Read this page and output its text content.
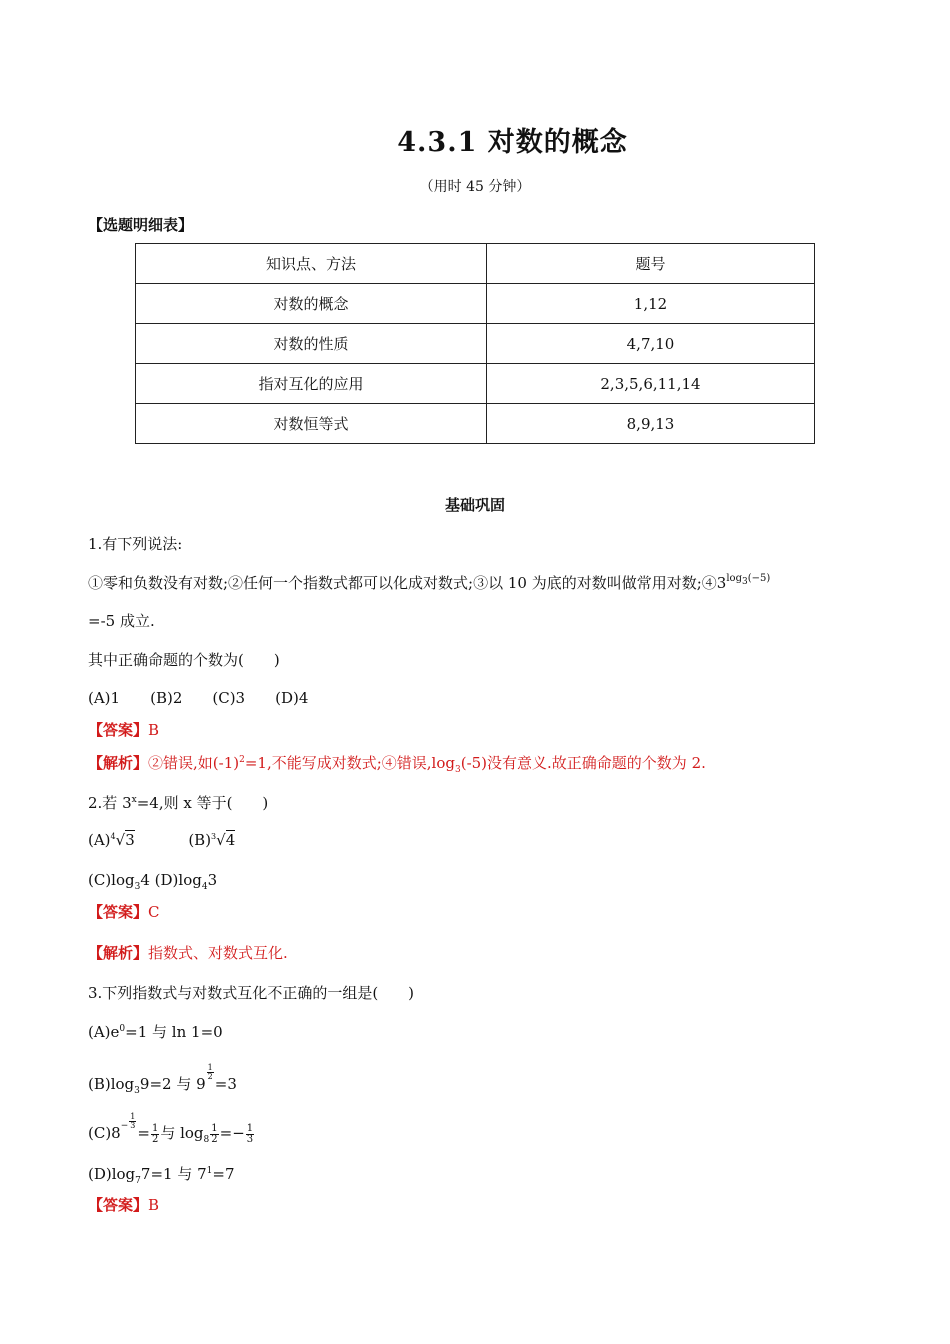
4.3.1 对数的概念
（用时 45 分钟）
【选题明细表】
知识点、方法	题号
对数的概念	1,12
对数的性质	4,7,10
指对互化的应用	2,3,5,6,11,14
对数恒等式	8,9,13
基础巩固
1.有下列说法:
①零和负数没有对数;②任何一个指数式都可以化成对数式;③以 10 为底的对数叫做常用对数$;④3^{log_3(-5)}$
=-5 成立.
其中正确命题的个数为(　　)
(A)1 (B)2 (C)3 (D)4
【答案】B
【解析】②错误,如$(-1)^2=1$,不能写成对数式;④错误$,\log_3(-5)$没有意义.故正确命题的个数为 2.
2.若 $3^x=4$,则 x 等于(　　)
$(A)^4√3$	$(B)^3√4$
$(C)\log_34$ $(D)\log_43$
【答案】C
【解析】指数式、对数式互化.
3.下列指数式与对数式互化不正确的一组是(　　)
$(A)e^0=1$ 与 ln 1=0
$(B)\log_39=2$ 与 9
$\frac{1}{2}$
=3
$(C)8^- \frac{1}{3}$
= $\frac{1}{2}$ 与 $\log_8 \frac{1}{2} =- \frac{1}{3}$
$(D)\log_77=1$ 与 $7^1=7$
【答案】B
